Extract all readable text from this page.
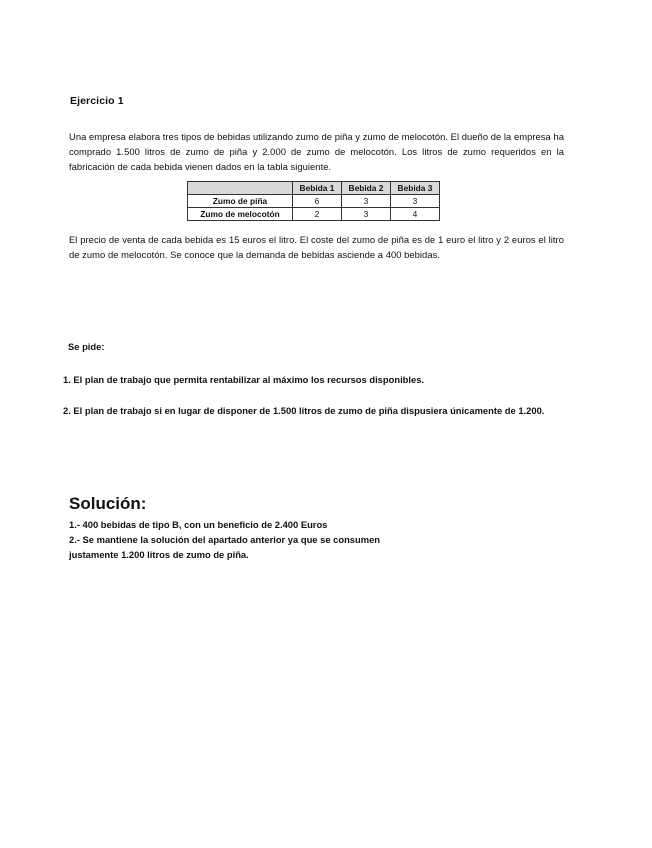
Ejercicio 1
Una empresa elabora tres tipos de bebidas utilizando zumo de piña y zumo de melocotón. El dueño de la empresa ha comprado 1.500 litros de zumo de piña y 2.000 de zumo de melocotón. Los litros de zumo requeridos en la fabricación de cada bebida vienen dados en la tabla siguiente.
	Bebida 1	Bebida 2	Bebida 3
Zumo de piña	6	3	3
Zumo de melocotón	2	3	4
El precio de venta de cada bebida es 15 euros el litro. El coste del zumo de piña es de 1 euro el litro y 2 euros el litro de zumo de melocotón. Se conoce que la demanda de bebidas asciende a 400 bebidas.
Se pide:
1. El plan de trabajo que permita rentabilizar al máximo los recursos disponibles.
2. El plan de trabajo si en lugar de disponer de 1.500 litros de zumo de piña dispusiera únicamente de 1.200.
Solución:
1.- 400 bebidas de tipo B, con un beneficio de 2.400 Euros
2.- Se mantiene la solución del apartado anterior ya que se consumen
justamente 1.200 litros de zumo de piña.
